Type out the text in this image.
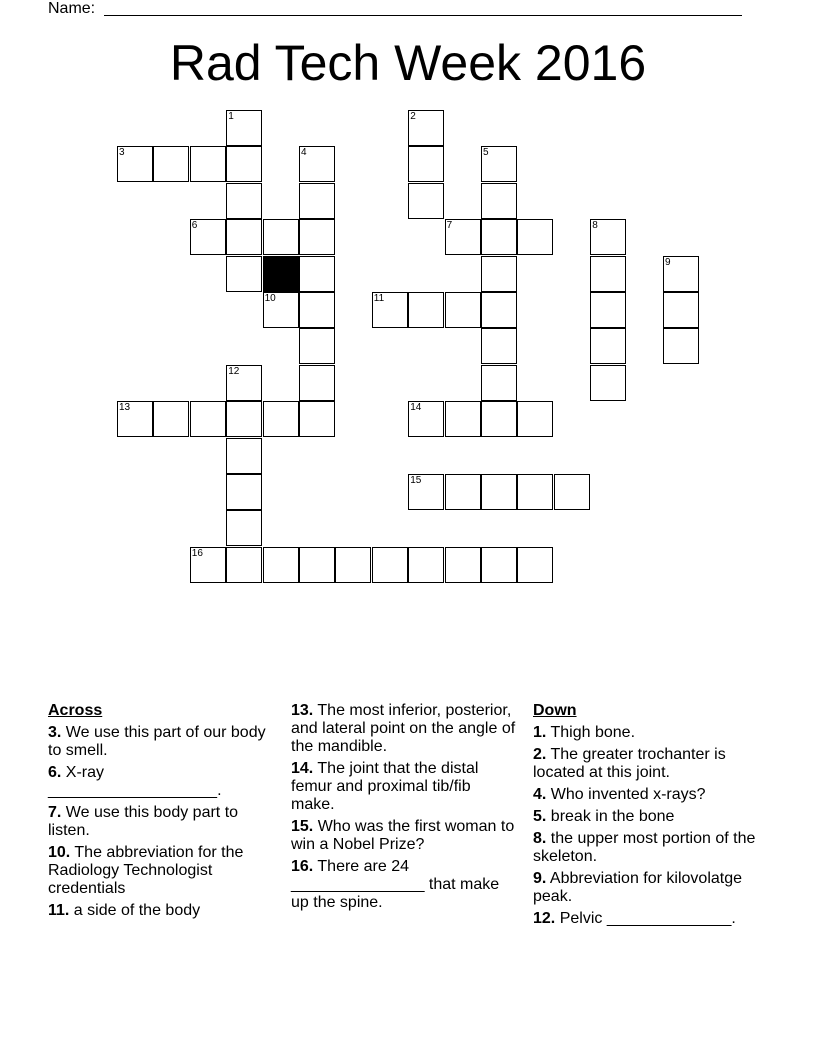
Name:
Rad Tech Week 2016
1	2
3	4	5
6	7	8
9
10	11
12
13	14
15
16
Across
3. We use this part of our body to smell.
6. X-ray ___________________.
7. We use this body part to listen.
10. The abbreviation for the Radiology Technologist credentials
11. a side of the body
13. The most inferior, posterior, and lateral point on the angle of the mandible.
14. The joint that the distal femur and proximal tib/fib make.
15. Who was the first woman to win a Nobel Prize?
16. There are 24 _______________ that make up the spine.
Down
1. Thigh bone.
2. The greater trochanter is located at this joint.
4. Who invented x-rays?
5. break in the bone
8. the upper most portion of the skeleton.
9. Abbreviation for kilovolatge peak.
12. Pelvic ______________.
